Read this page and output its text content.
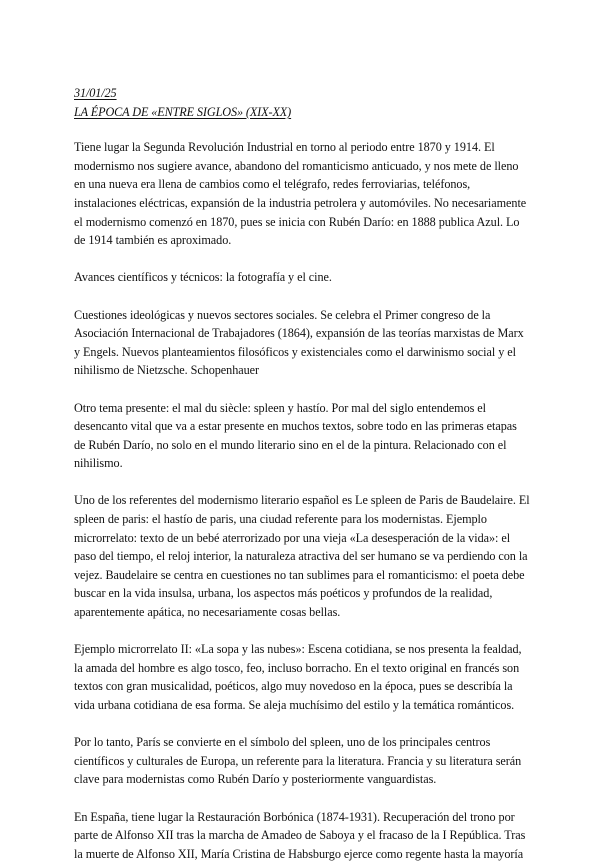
31/01/25
LA ÉPOCA DE «ENTRE SIGLOS» (XIX-XX)

Tiene lugar la Segunda Revolución Industrial en torno al periodo entre 1870 y 1914. El modernismo nos sugiere avance, abandono del romanticismo anticuado, y nos mete de lleno en una nueva era llena de cambios como el telégrafo, redes ferroviarias, teléfonos, instalaciones eléctricas, expansión de la industria petrolera y automóviles. No necesariamente el modernismo comenzó en 1870, pues se inicia con Rubén Darío: en 1888 publica Azul. Lo de 1914 también es aproximado.

Avances científicos y técnicos: la fotografía y el cine.

Cuestiones ideológicas y nuevos sectores sociales. Se celebra el Primer congreso de la Asociación Internacional de Trabajadores (1864), expansión de las teorías marxistas de Marx y Engels. Nuevos planteamientos filosóficos y existenciales como el darwinismo social y el nihilismo de Nietzsche. Schopenhauer

Otro tema presente: el mal du siècle: spleen y hastío. Por mal del siglo entendemos el desencanto vital que va a estar presente en muchos textos, sobre todo en las primeras etapas de Rubén Darío, no solo en el mundo literario sino en el de la pintura. Relacionado con el nihilismo.

Uno de los referentes del modernismo literario español es Le spleen de Paris de Baudelaire. El spleen de paris: el hastío de paris, una ciudad referente para los modernistas. Ejemplo microrrelato: texto de un bebé aterrorizado por una vieja «La desesperación de la vida»: el paso del tiempo, el reloj interior, la naturaleza atractiva del ser humano se va perdiendo con la vejez. Baudelaire se centra en cuestiones no tan sublimes para el romanticismo: el poeta debe buscar en la vida insulsa, urbana, los aspectos más poéticos y profundos de la realidad, aparentemente apática, no necesariamente cosas bellas.

Ejemplo microrrelato II: «La sopa y las nubes»: Escena cotidiana, se nos presenta la fealdad, la amada del hombre es algo tosco, feo, incluso borracho. En el texto original en francés son textos con gran musicalidad, poéticos, algo muy novedoso en la época, pues se describía la vida urbana cotidiana de esa forma. Se aleja muchísimo del estilo y la temática románticos.

Por lo tanto, París se convierte en el símbolo del spleen, uno de los principales centros científicos y culturales de Europa, un referente para la literatura. Francia y su literatura serán clave para modernistas como Rubén Darío y posteriormente vanguardistas.

En España, tiene lugar la Restauración Borbónica (1874-1931). Recuperación del trono por parte de Alfonso XII tras la marcha de Amadeo de Saboya y el fracaso de la I República. Tras la muerte de Alfonso XII, María Cristina de Habsburgo ejerce como regente hasta la mayoría
